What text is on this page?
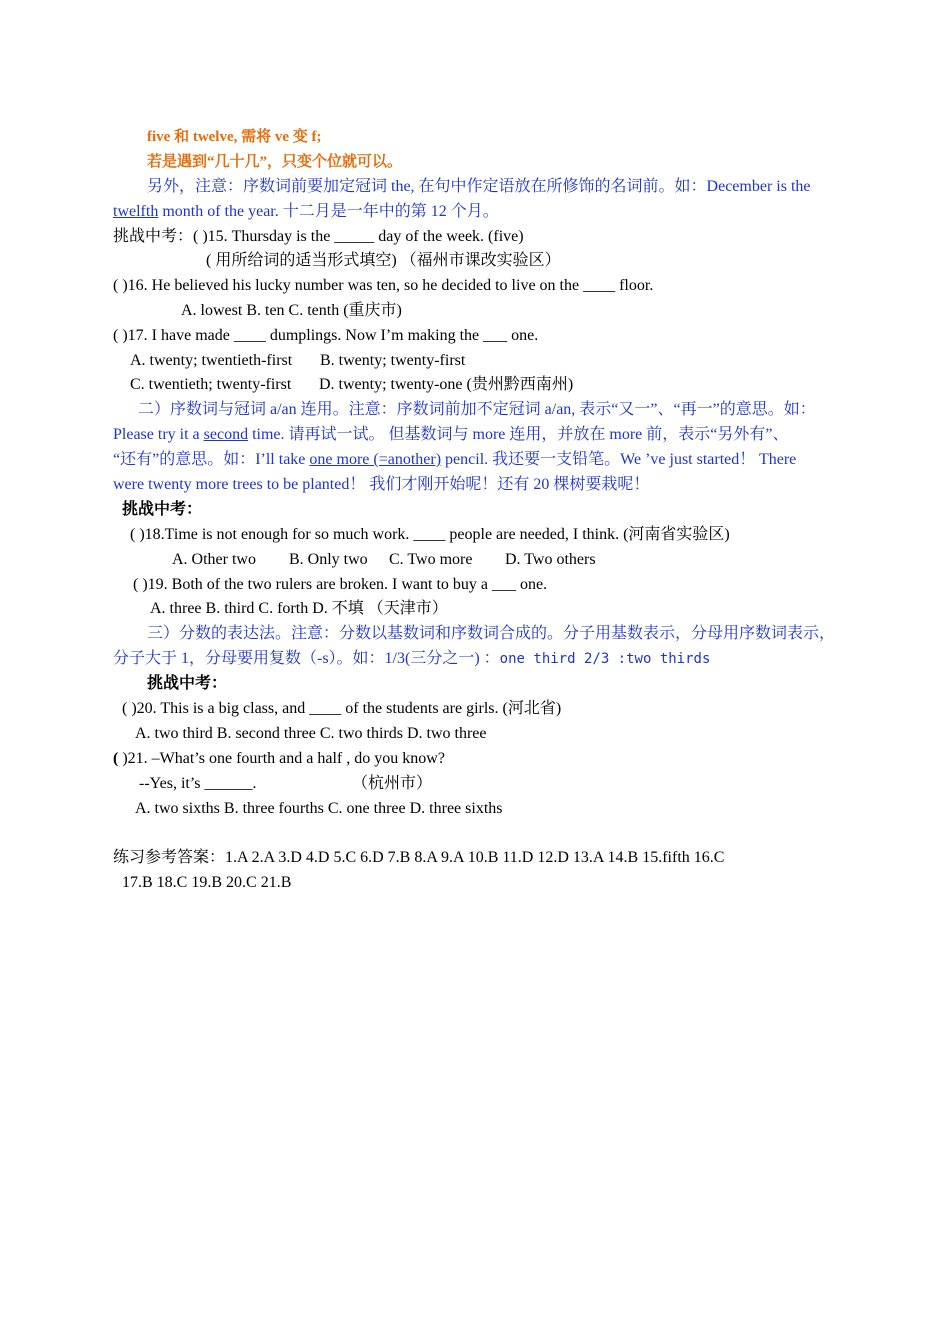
five 和 twelve, 需将 ve 变 f;
若是遇到“几十几”，只变个位就可以。
另外，注意：序数词前要加定冠词 the, 在句中作定语放在所修饰的名词前。如：December is the
twelfth month of the year. 十二月是一年中的第 12 个月。
挑战中考：( )15. Thursday is the _____ day of the week. (five)
( 用所给词的适当形式填空) （福州市课改实验区）
( )16. He believed his lucky number was ten, so he decided to live on the ____ floor.
A. lowest B. ten C. tenth (重庆市)
( )17. I have made ____ dumplings. Now I’m making the ___ one.
A. twenty; twentieth-first B. twenty; twenty-first
C. twentieth; twenty-first D. twenty; twenty-one (贵州黔西南州)
二）序数词与冠词 a/an 连用。注意：序数词前加不定冠词 a/an, 表示“又一”、“再一”的意思。如：
Please try it a second time. 请再试一试。 但基数词与 more 连用，并放在 more 前，表示“另外有”、
“还有”的意思。如：I’ll take one more (=another) pencil. 我还要一支铅笔。We ’ve just started！ There
were twenty more trees to be planted！ 我们才刚开始呢！还有 20 棵树要栽呢！
挑战中考：
( )18.Time is not enough for so much work. ____ people are needed, I think. (河南省实验区)
A. Other two B. Only two C. Two more D. Two others
( )19. Both of the two rulers are broken. I want to buy a ___ one.
A. three B. third C. forth D. 不填 （天津市）
三）分数的表达法。注意：分数以基数词和序数词合成的。分子用基数表示，分母用序数词表示，
分子大于 1，分母要用复数（-s）。如：1/3(三分之一) ：one third 2/3 :two thirds
挑战中考：
( )20. This is a big class, and ____ of the students are girls. (河北省)
A. two third B. second three C. two thirds D. two three
( )21. –What’s one fourth and a half , do you know?
--Yes, it’s ______.	（杭州市）
A. two sixths B. three fourths C. one three D. three sixths
练习参考答案：1.A 2.A 3.D 4.D 5.C 6.D 7.B 8.A 9.A 10.B 11.D 12.D 13.A 14.B 15.fifth 16.C
17.B 18.C 19.B 20.C 21.B
